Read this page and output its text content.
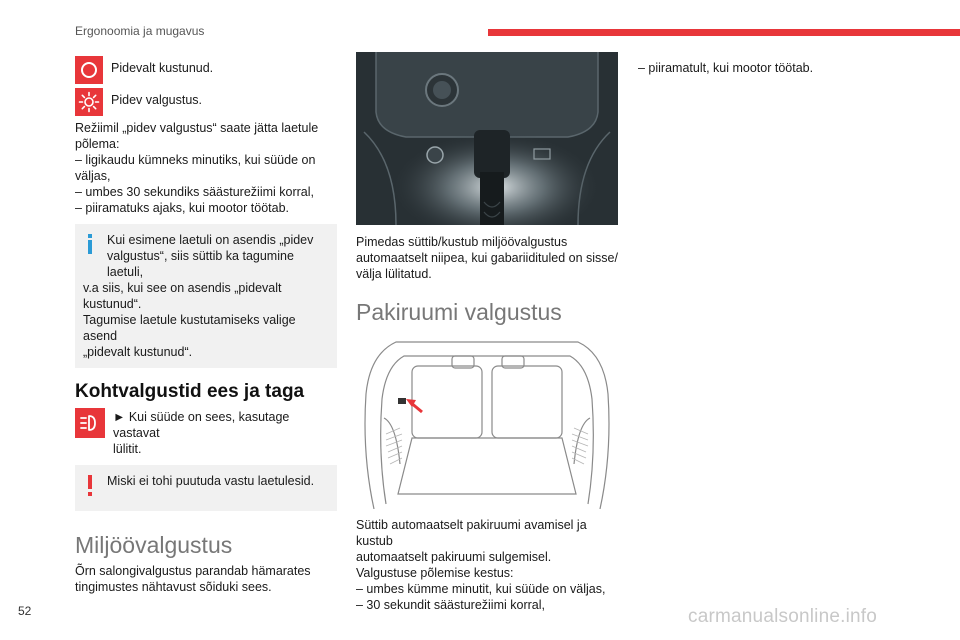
Ergonoomia ja mugavus
Pidevalt kustunud.
Pidev valgustus.
Režiimil „pidev valgustus“ saate jätta laetule
põlema:
– ligikaudu kümneks minutiks, kui süüde on
väljas,
– umbes 30 sekundiks säästurežiimi korral,
– piiramatuks ajaks, kui mootor töötab.
Kui esimene laetuli on asendis „pidev
valgustus“, siis süttib ka tagumine laetuli,
v.a siis, kui see on asendis „pidevalt
kustunud“.
Tagumise laetule kustutamiseks valige asend
„pidevalt kustunud“.
Kohtvalgustid ees ja taga
► Kui süüde on sees, kasutage vastavat
lülitit.
Miski ei tohi puutuda vastu laetulesid.
Miljöövalgustus
Õrn salongivalgustus parandab hämarates
tingimustes nähtavust sõiduki sees.
Pimedas süttib/kustub miljöövalgustus
automaatselt niipea, kui gabariidituled on sisse/
välja lülitatud.
Pakiruumi valgustus
Süttib automaatselt pakiruumi avamisel ja kustub
automaatselt pakiruumi sulgemisel.
Valgustuse põlemise kestus:
– umbes kümme minutit, kui süüde on väljas,
– 30 sekundit säästurežiimi korral,
– piiramatult, kui mootor töötab.
52	carmanualsonline.info
